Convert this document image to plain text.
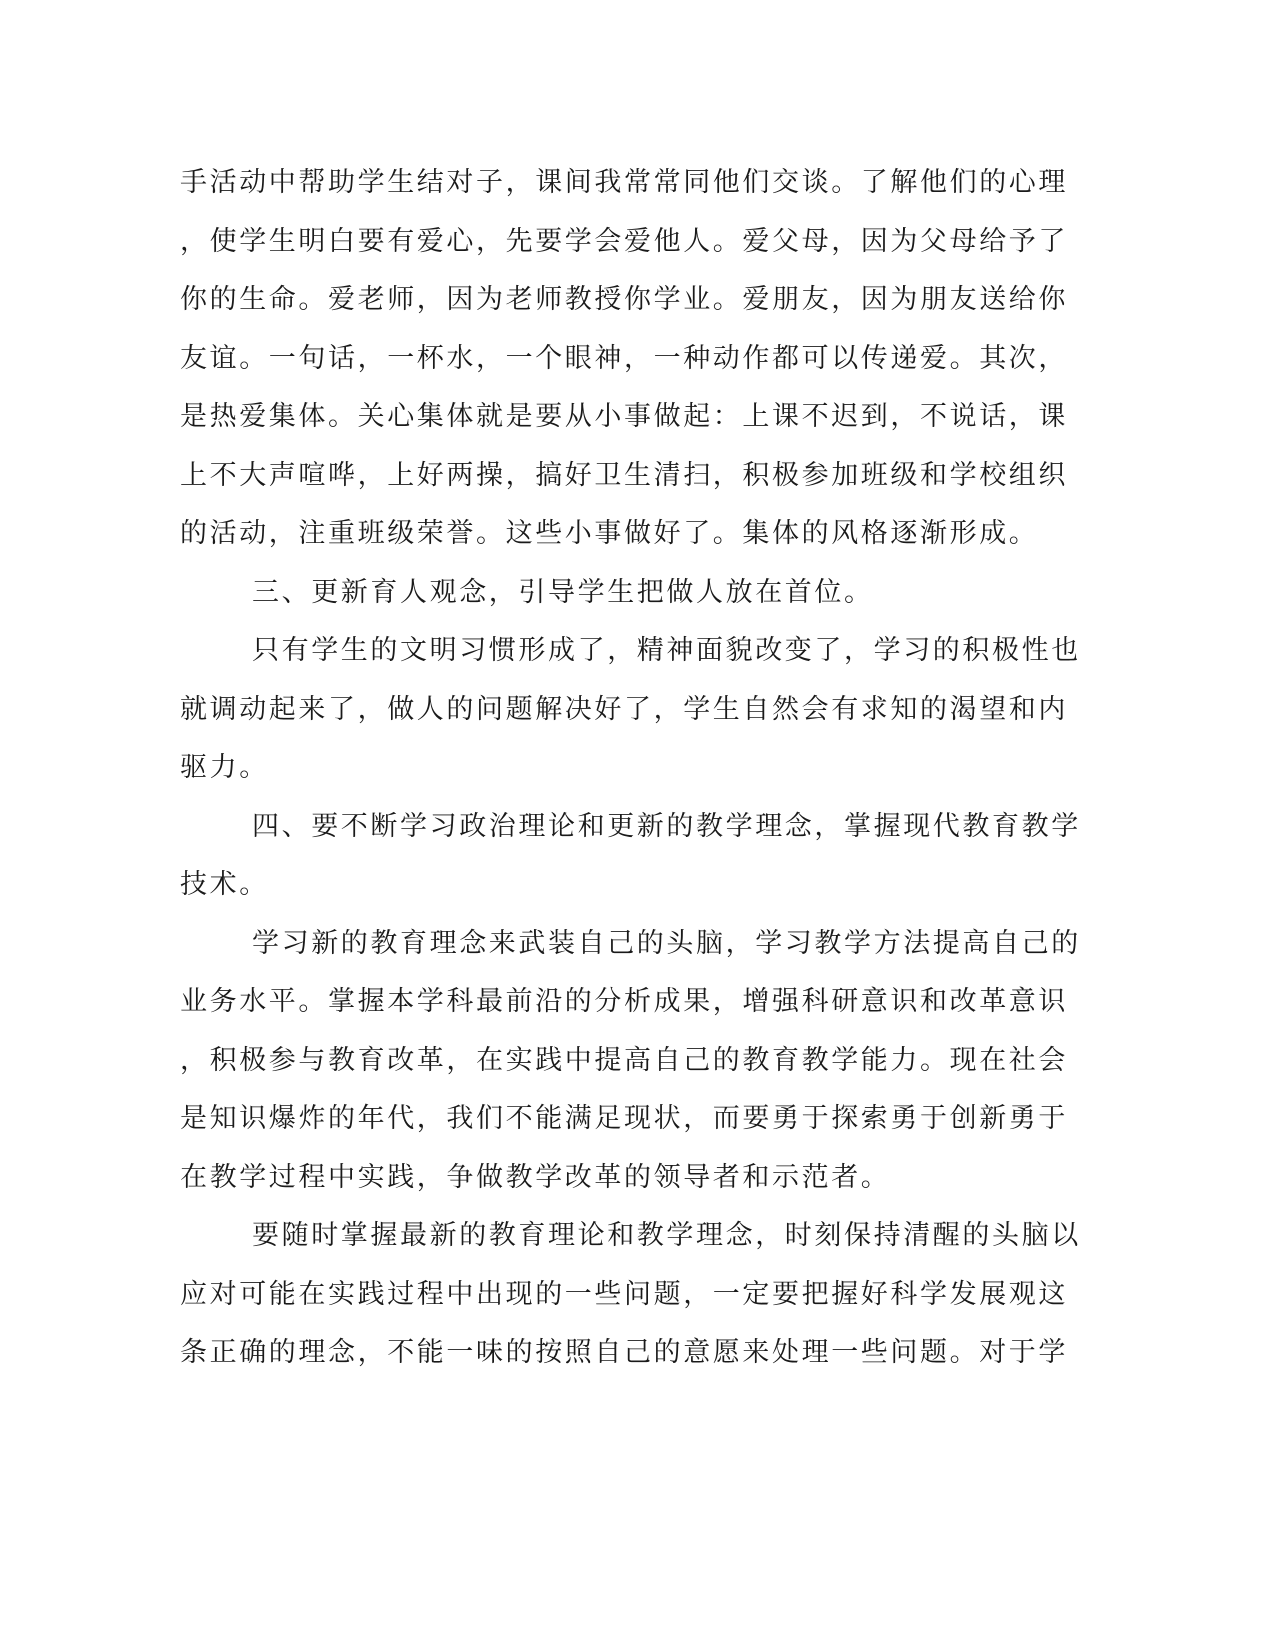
手活动中帮助学生结对子，课间我常常同他们交谈。了解他们的心理
，使学生明白要有爱心，先要学会爱他人。爱父母，因为父母给予了
你的生命。爱老师，因为老师教授你学业。爱朋友，因为朋友送给你
友谊。一句话，一杯水，一个眼神，一种动作都可以传递爱。其次，
是热爱集体。关心集体就是要从小事做起：上课不迟到，不说话，课
上不大声喧哗，上好两操，搞好卫生清扫，积极参加班级和学校组织
的活动，注重班级荣誉。这些小事做好了。集体的风格逐渐形成。
三、更新育人观念，引导学生把做人放在首位。
只有学生的文明习惯形成了，精神面貌改变了，学习的积极性也
就调动起来了，做人的问题解决好了，学生自然会有求知的渴望和内
驱力。
四、要不断学习政治理论和更新的教学理念，掌握现代教育教学
技术。
学习新的教育理念来武装自己的头脑，学习教学方法提高自己的
业务水平。掌握本学科最前沿的分析成果，增强科研意识和改革意识
，积极参与教育改革，在实践中提高自己的教育教学能力。现在社会
是知识爆炸的年代，我们不能满足现状，而要勇于探索勇于创新勇于
在教学过程中实践，争做教学改革的领导者和示范者。
要随时掌握最新的教育理论和教学理念，时刻保持清醒的头脑以
应对可能在实践过程中出现的一些问题，一定要把握好科学发展观这
条正确的理念，不能一味的按照自己的意愿来处理一些问题。对于学
